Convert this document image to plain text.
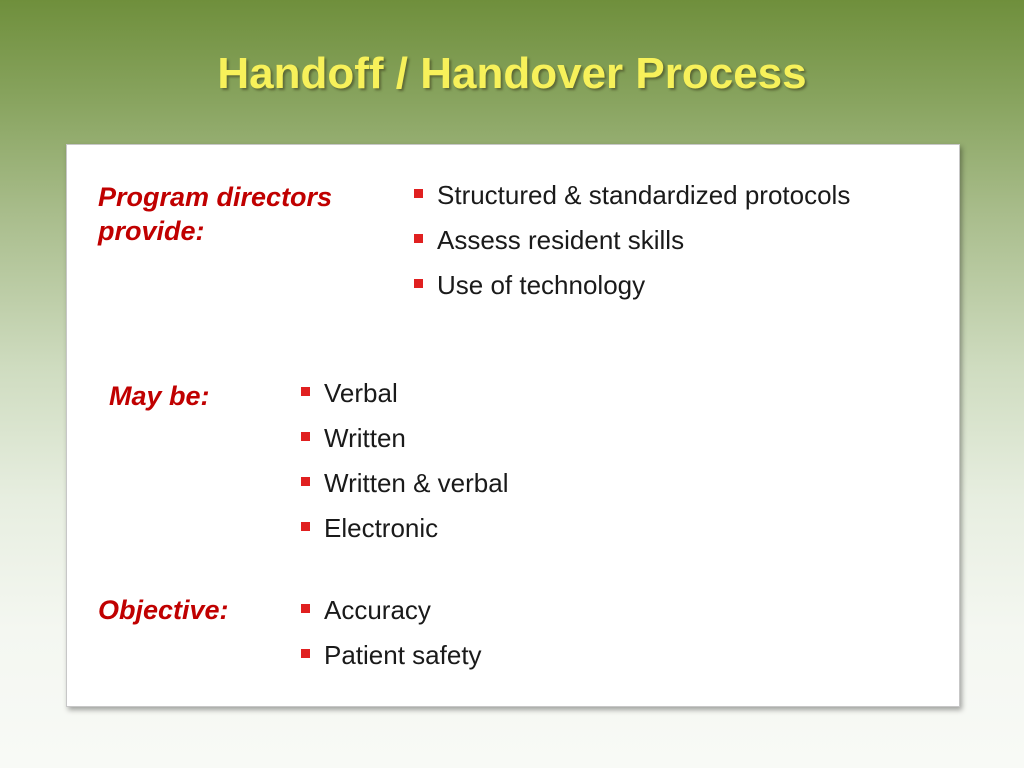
Handoff / Handover Process

Program directors provide:

Structured & standardized protocols
Assess resident skills
Use of technology

May be:	Verbal
Written
Written & verbal
Electronic

Objective:	Accuracy
Patient safety
